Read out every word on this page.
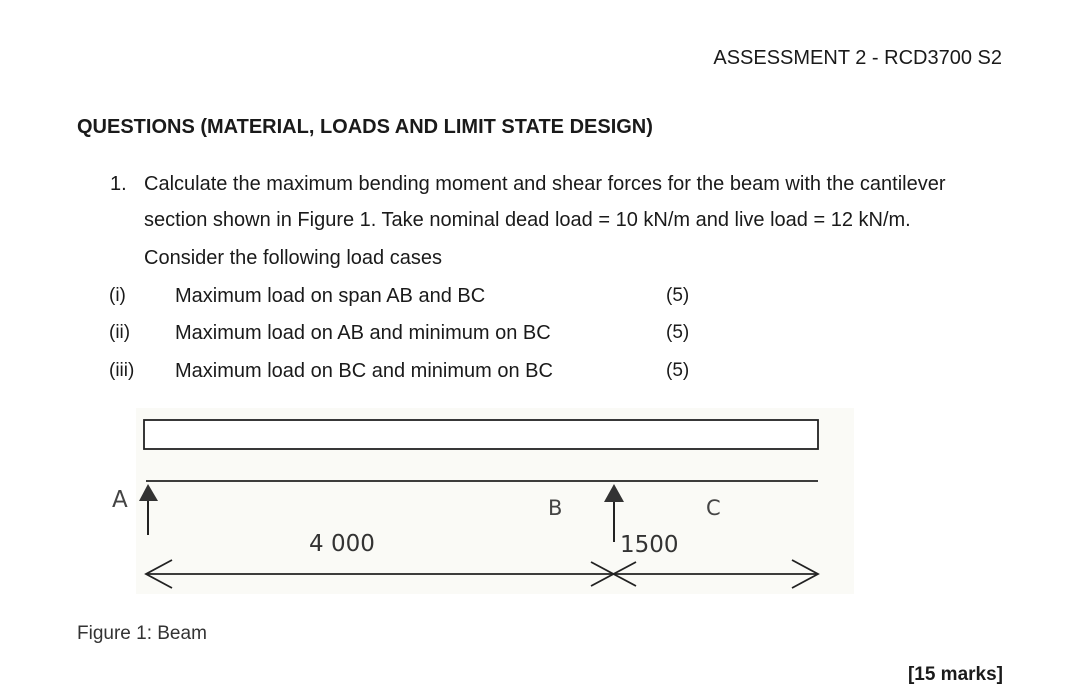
ASSESSMENT 2 - RCD3700 S2
QUESTIONS (MATERIAL, LOADS AND LIMIT STATE DESIGN)
1. Calculate the maximum bending moment and shear forces for the beam with the cantilever
section shown in Figure 1. Take nominal dead load = 10 kN/m and live load = 12 kN/m.
Consider the following load cases
(i) Maximum load on span AB and BC	(5)
(ii) Maximum load on AB and minimum on BC	(5)
(iii) Maximum load on BC and minimum on BC	(5)
A	B	C
4 000	1500
Figure 1: Beam
[15 marks]
